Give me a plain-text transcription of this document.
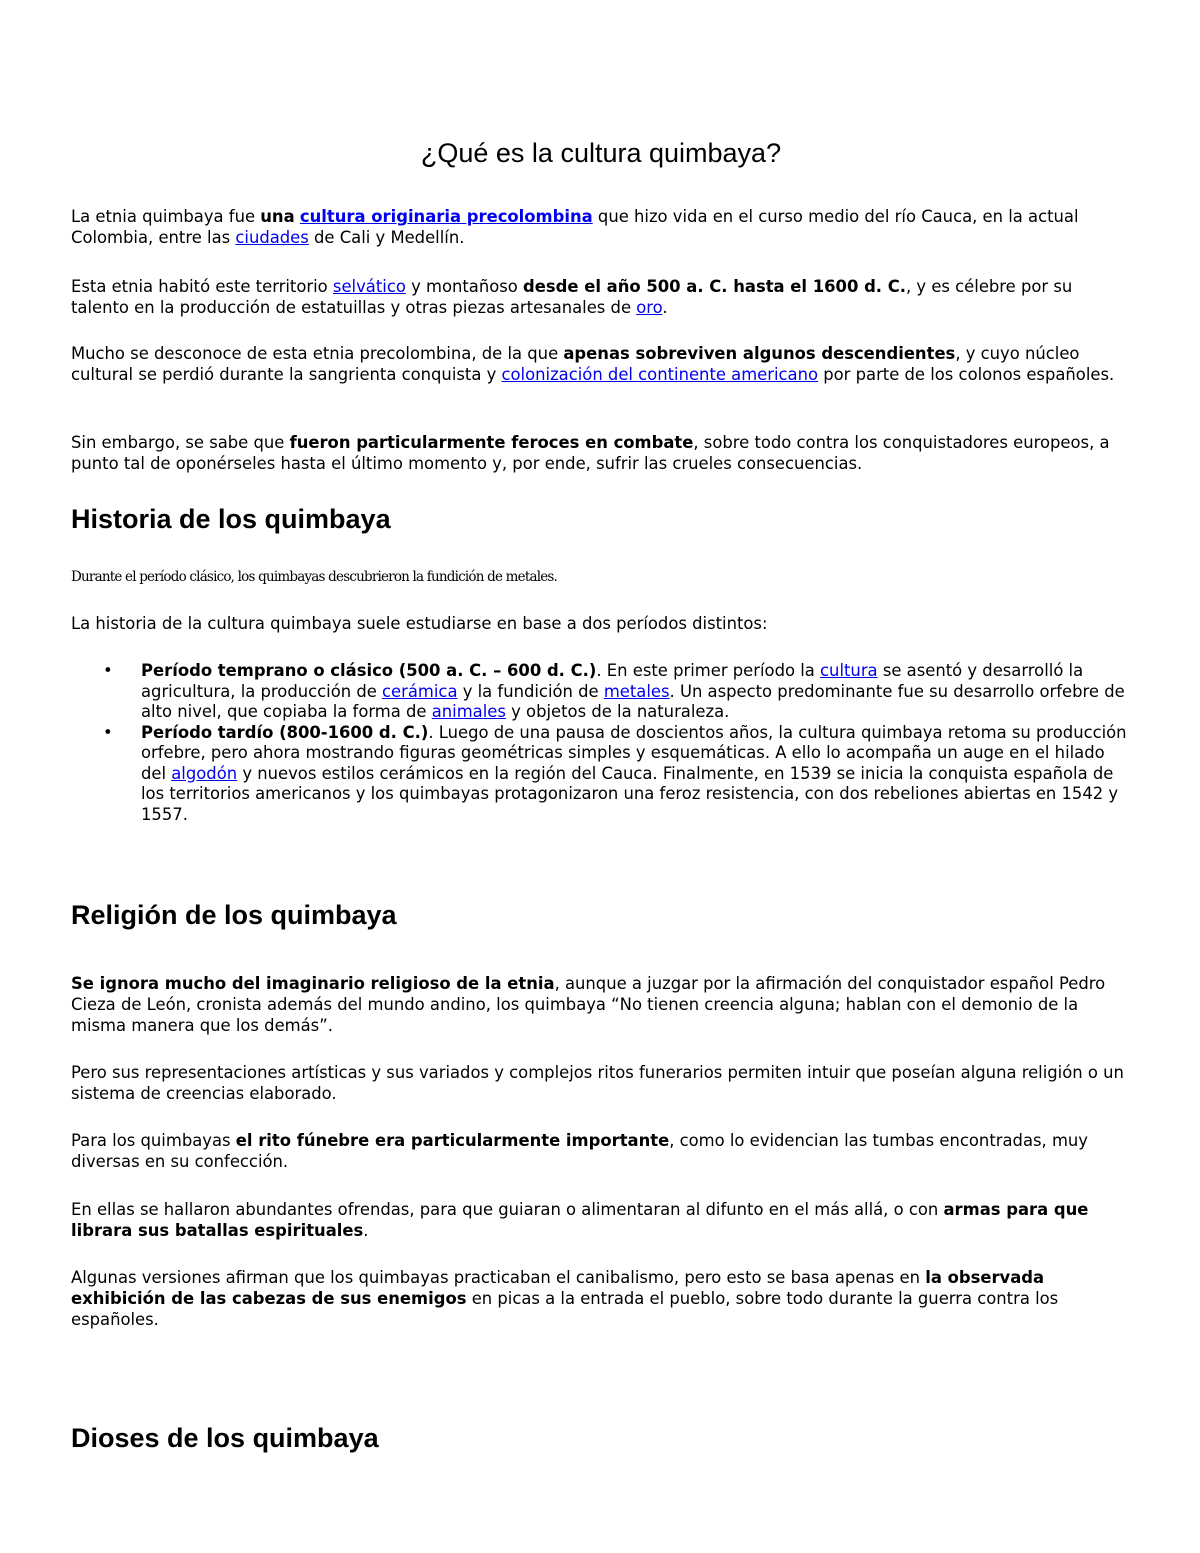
¿Qué es la cultura quimbaya?

La etnia quimbaya fue una cultura originaria precolombina que hizo vida en el curso medio del río Cauca, en la actual Colombia, entre las ciudades de Cali y Medellín.

Esta etnia habitó este territorio selvático y montañoso desde el año 500 a. C. hasta el 1600 d. C., y es célebre por su talento en la producción de estatuillas y otras piezas artesanales de oro.

Mucho se desconoce de esta etnia precolombina, de la que apenas sobreviven algunos descendientes, y cuyo núcleo cultural se perdió durante la sangrienta conquista y colonización del continente americano por parte de los colonos españoles.

Sin embargo, se sabe que fueron particularmente feroces en combate, sobre todo contra los conquistadores europeos, a punto tal de oponérseles hasta el último momento y, por ende, sufrir las crueles consecuencias.

Historia de los quimbaya

Durante el período clásico, los quimbayas descubrieron la fundición de metales.

La historia de la cultura quimbaya suele estudiarse en base a dos períodos distintos:

• Período temprano o clásico (500 a. C. – 600 d. C.). En este primer período la cultura se asentó y desarrolló la agricultura, la producción de cerámica y la fundición de metales. Un aspecto predominante fue su desarrollo orfebre de alto nivel, que copiaba la forma de animales y objetos de la naturaleza.
• Período tardío (800-1600 d. C.). Luego de una pausa de doscientos años, la cultura quimbaya retoma su producción orfebre, pero ahora mostrando figuras geométricas simples y esquemáticas. A ello lo acompaña un auge en el hilado del algodón y nuevos estilos cerámicos en la región del Cauca. Finalmente, en 1539 se inicia la conquista española de los territorios americanos y los quimbayas protagonizaron una feroz resistencia, con dos rebeliones abiertas en 1542 y 1557.
Religión de los quimbaya

Se ignora mucho del imaginario religioso de la etnia, aunque a juzgar por la afirmación del conquistador español Pedro Cieza de León, cronista además del mundo andino, los quimbaya “No tienen creencia alguna; hablan con el demonio de la misma manera que los demás”.

Pero sus representaciones artísticas y sus variados y complejos ritos funerarios permiten intuir que poseían alguna religión o un sistema de creencias elaborado.

Para los quimbayas el rito fúnebre era particularmente importante, como lo evidencian las tumbas encontradas, muy diversas en su confección.

En ellas se hallaron abundantes ofrendas, para que guiaran o alimentaran al difunto en el más allá, o con armas para que librara sus batallas espirituales.

Algunas versiones afirman que los quimbayas practicaban el canibalismo, pero esto se basa apenas en la observada exhibición de las cabezas de sus enemigos en picas a la entrada el pueblo, sobre todo durante la guerra contra los españoles.

Dioses de los quimbaya
